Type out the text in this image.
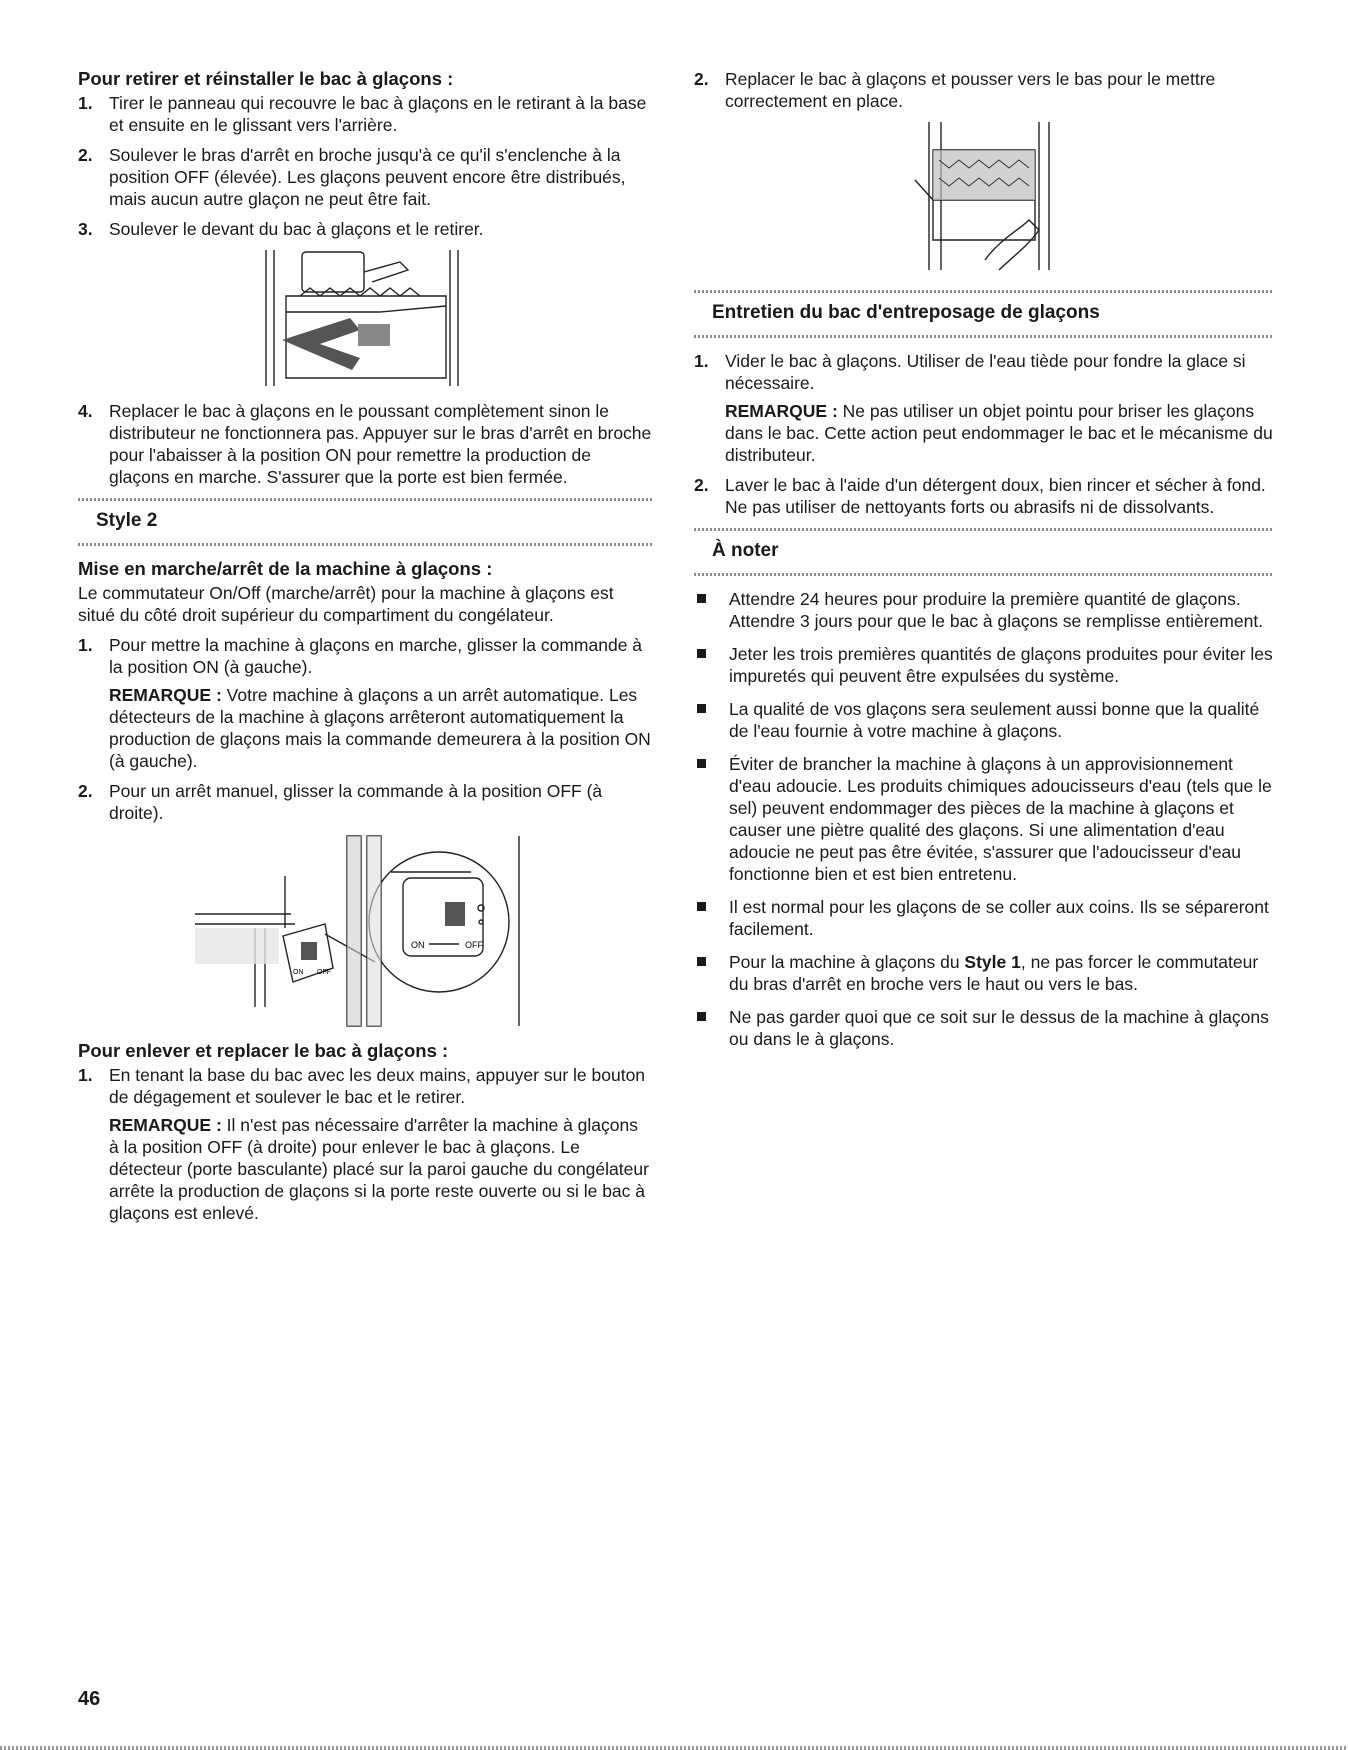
Pour retirer et réinstaller le bac à glaçons :
1. Tirer le panneau qui recouvre le bac à glaçons en le retirant à la base et ensuite en le glissant vers l'arrière.
2. Soulever le bras d'arrêt en broche jusqu'à ce qu'il s'enclenche à la position OFF (élevée). Les glaçons peuvent encore être distribués, mais aucun autre glaçon ne peut être fait.
3. Soulever le devant du bac à glaçons et le retirer.
4. Replacer le bac à glaçons en le poussant complètement sinon le distributeur ne fonctionnera pas. Appuyer sur le bras d'arrêt en broche pour l'abaisser à la position ON pour remettre la production de glaçons en marche. S'assurer que la porte est bien fermée.
Style 2
Mise en marche/arrêt de la machine à glaçons :

Le commutateur On/Off (marche/arrêt) pour la machine à glaçons est situé du côté droit supérieur du compartiment du congélateur.

1. Pour mettre la machine à glaçons en marche, glisser la commande à la position ON (à gauche).
REMARQUE : Votre machine à glaçons a un arrêt automatique. Les détecteurs de la machine à glaçons arrêteront automatiquement la production de glaçons mais la commande demeurera à la position ON (à gauche).
2. Pour un arrêt manuel, glisser la commande à la position OFF (à droite).
ON	OFF
ON OFF
Pour enlever et replacer le bac à glaçons :
1. En tenant la base du bac avec les deux mains, appuyer sur le bouton de dégagement et soulever le bac et le retirer.
REMARQUE : Il n'est pas nécessaire d'arrêter la machine à glaçons à la position OFF (à droite) pour enlever le bac à glaçons. Le détecteur (porte basculante) placé sur la paroi gauche du congélateur arrête la production de glaçons si la porte reste ouverte ou si le bac à glaçons est enlevé.
2. Replacer le bac à glaçons et pousser vers le bas pour le mettre correctement en place.
Entretien du bac d'entreposage de glaçons
1. Vider le bac à glaçons. Utiliser de l'eau tiède pour fondre la glace si nécessaire.
REMARQUE : Ne pas utiliser un objet pointu pour briser les glaçons dans le bac. Cette action peut endommager le bac et le mécanisme du distributeur.
2. Laver le bac à l'aide d'un détergent doux, bien rincer et sécher à fond. Ne pas utiliser de nettoyants forts ou abrasifs ni de dissolvants.
À noter
Attendre 24 heures pour produire la première quantité de glaçons. Attendre 3 jours pour que le bac à glaçons se remplisse entièrement.
Jeter les trois premières quantités de glaçons produites pour éviter les impuretés qui peuvent être expulsées du système.
La qualité de vos glaçons sera seulement aussi bonne que la qualité de l'eau fournie à votre machine à glaçons.
Éviter de brancher la machine à glaçons à un approvisionnement d'eau adoucie. Les produits chimiques adoucisseurs d'eau (tels que le sel) peuvent endommager des pièces de la machine à glaçons et causer une piètre qualité des glaçons. Si une alimentation d'eau adoucie ne peut pas être évitée, s'assurer que l'adoucisseur d'eau fonctionne bien et est bien entretenu.
Il est normal pour les glaçons de se coller aux coins. Ils se sépareront facilement.
Pour la machine à glaçons du Style 1, ne pas forcer le commutateur du bras d'arrêt en broche vers le haut ou vers le bas.
Ne pas garder quoi que ce soit sur le dessus de la machine à glaçons ou dans le à glaçons.
46
